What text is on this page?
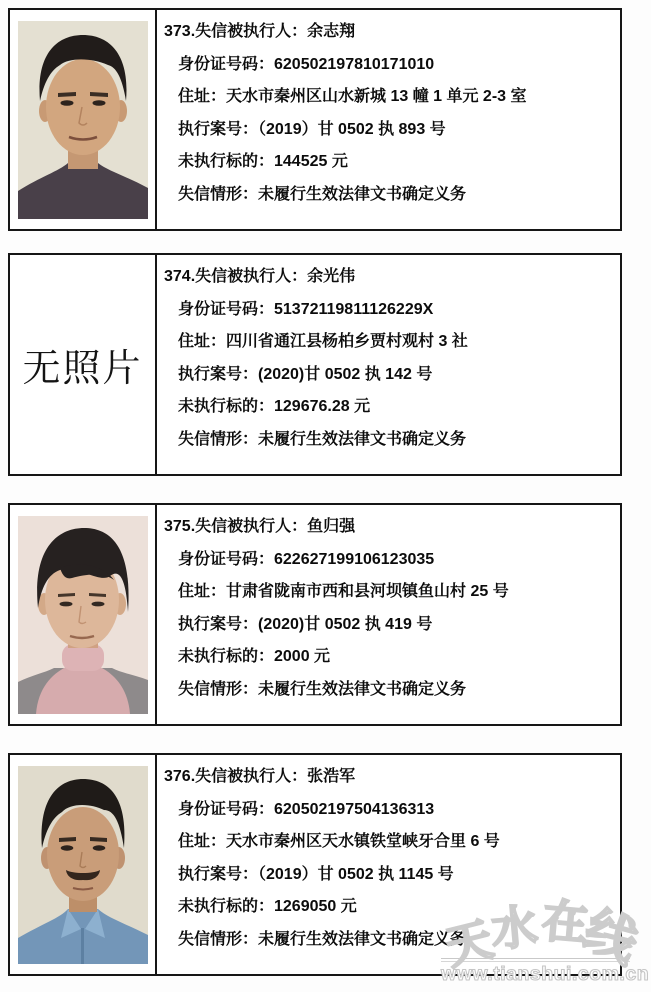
373.失信被执行人：余志翔
身份证号码：620502197810171010
住址：天水市秦州区山水新城 13 幢 1 单元 2-3 室
执行案号：（2019）甘 0502 执 893 号
未执行标的：144525 元
失信情形：未履行生效法律文书确定义务
无照片
374.失信被执行人：余光伟
身份证号码：51372119811126229X
住址：四川省通江县杨柏乡贾村观村 3 社
执行案号：(2020)甘 0502 执 142 号
未执行标的：129676.28 元
失信情形：未履行生效法律文书确定义务
375.失信被执行人：鱼归强
身份证号码：622627199106123035
住址：甘肃省陇南市西和县河坝镇鱼山村 25 号
执行案号：(2020)甘 0502 执 419 号
未执行标的：2000 元
失信情形：未履行生效法律文书确定义务
376.失信被执行人：张浩军
身份证号码：620502197504136313
住址：天水市秦州区天水镇铁堂峡牙合里 6 号
执行案号：（2019）甘 0502 执 1145 号
未执行标的：1269050 元
失信情形：未履行生效法律文书确定义务
天 水 在 线
www.tianshui.com.cn
